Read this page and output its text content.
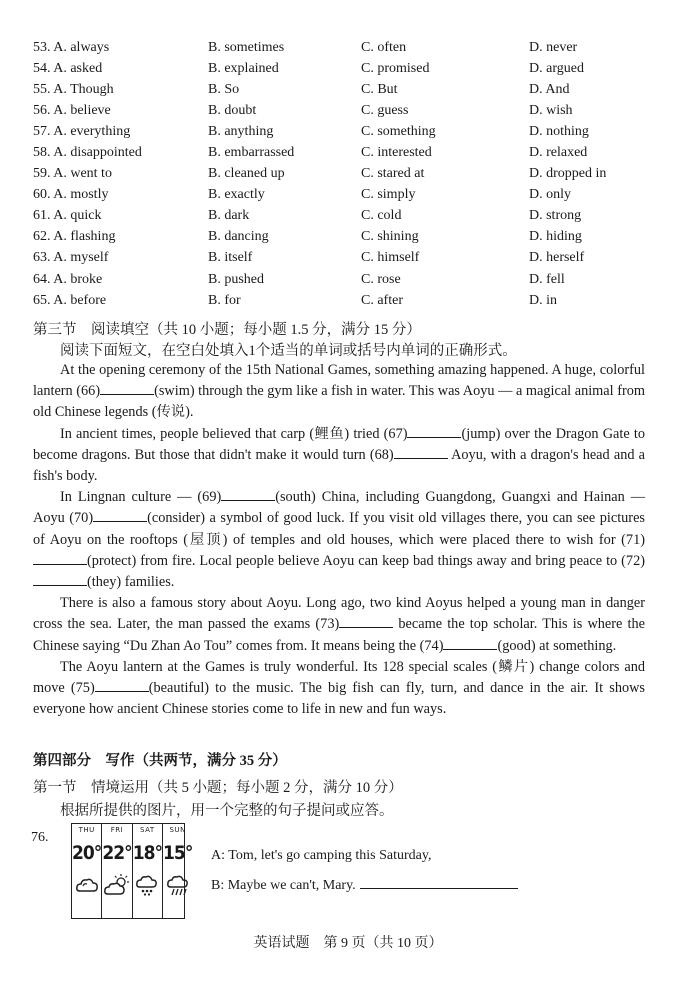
53. A. always	B. sometimes	C. often	D. never
54. A. asked	B. explained	C. promised	D. argued
55. A. Though	B. So	C. But	D. And
56. A. believe	B. doubt	C. guess	D. wish
57. A. everything	B. anything	C. something	D. nothing
58. A. disappointed	B. embarrassed	C. interested	D. relaxed
59. A. went to	B. cleaned up	C. stared at	D. dropped in
60. A. mostly	B. exactly	C. simply	D. only
61. A. quick	B. dark	C. cold	D. strong
62. A. flashing	B. dancing	C. shining	D. hiding
63. A. myself	B. itself	C. himself	D. herself
64. A. broke	B. pushed	C. rose	D. fell
65. A. before	B. for	C. after	D. in
第三节　阅读填空（共 10 小题；每小题 1.5 分，满分 15 分）
阅读下面短文，在空白处填入1个适当的单词或括号内单词的正确形式。

At the opening ceremony of the 15th National Games, something amazing happened. A huge, colorful lantern (66)	(swim) through the gym like a fish in water. This was Aoyu — a magical animal from old Chinese legends (传说).

In ancient times, people believed that carp (鲤鱼) tried (67)	(jump) over the Dragon Gate to become dragons. But those that didn't make it would turn (68)	Aoyu, with a dragon's head and a fish's body.

In Lingnan culture — (69)	(south) China, including Guangdong, Guangxi and Hainan — Aoyu (70)	(consider) a symbol of good luck. If you visit old villages there, you can see pictures of Aoyu on the rooftops (屋顶) of temples and old houses, which were placed there to wish for (71)(protect) from fire. Local people believe Aoyu can keep bad things away and bring peace to (72)(they) families.

There is also a famous story about Aoyu. Long ago, two kind Aoyus helped a young man in danger cross the sea. Later, the man passed the exams (73)	became the top scholar. This is where the Chinese saying “Du Zhan Ao Tou” comes from. It means being the (74)	(good) at something.

The Aoyu lantern at the Games is truly wonderful. Its 128 special scales (鳞片) change colors and move (75)	(beautiful) to the music. The big fish can fly, turn, and dance in the air. It shows everyone how ancient Chinese stories come to life in new and fun ways.

第四部分　写作（共两节，满分 35 分）
第一节　情境运用（共 5 小题；每小题 2 分，满分 10 分）
根据所提供的图片，用一个完整的句子提问或应答。
76.	THU
20°
FRI
22°
SAT
18°
SUN
15° A: Tom, let's go camping this Saturday,
B: Maybe we can't, Mary.
英语试题　第 9 页（共 10 页）
